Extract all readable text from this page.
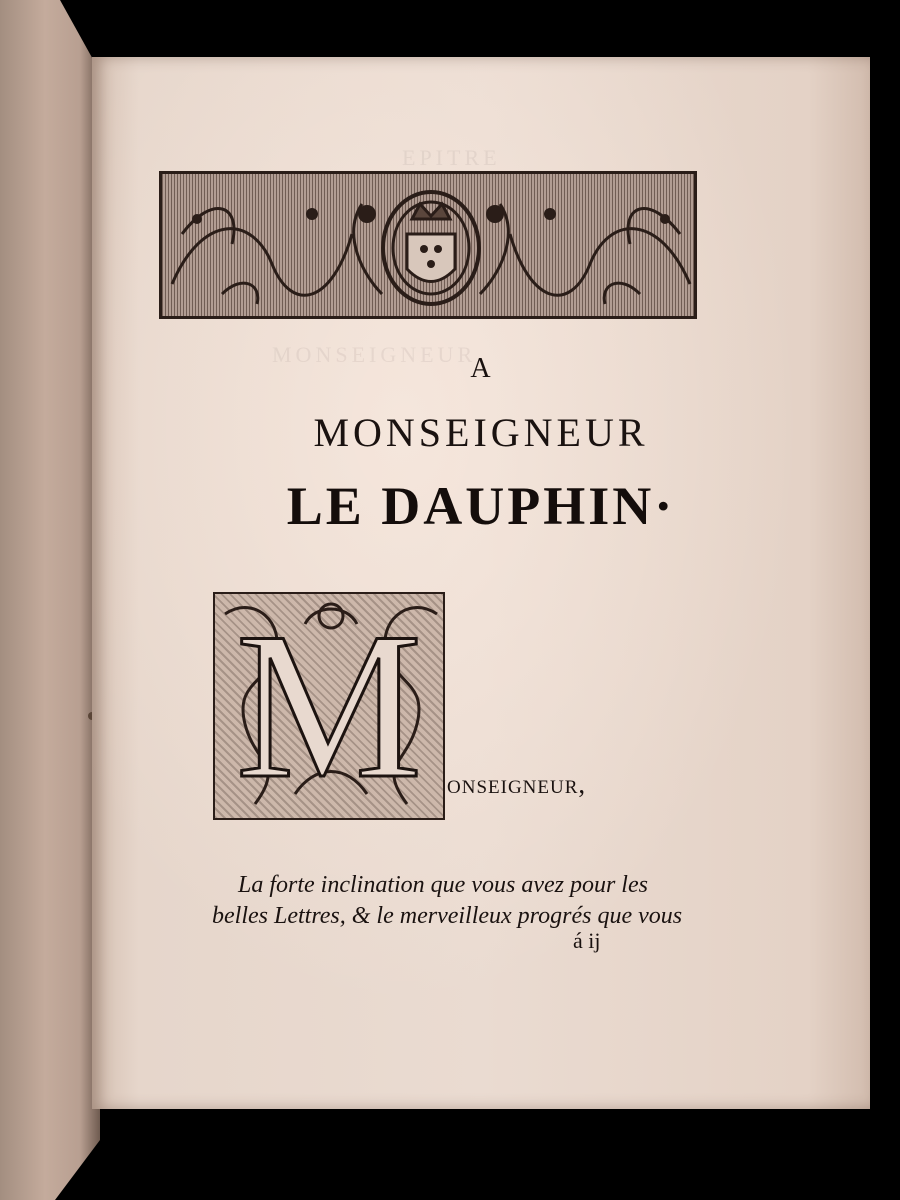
EPITRE
MONSEIGNEUR
A
MONSEIGNEUR
LE DAUPHIN·
M onseigneur,
La forte inclination que vous avez pour les
belles Lettres, & le merveilleux progrés que vous
á ij
